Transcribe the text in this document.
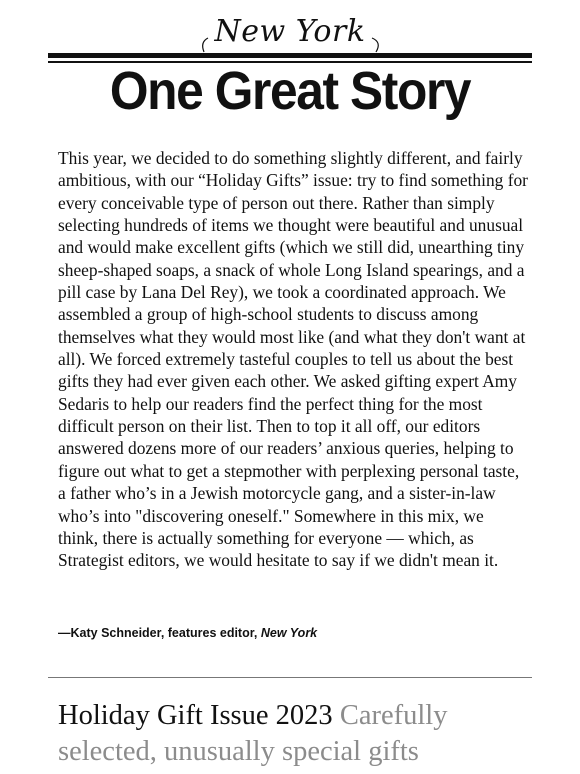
New York
One Great Story

This year, we decided to do something slightly different, and fairly ambitious, with our “Holiday Gifts” issue: try to find something for every conceivable type of person out there. Rather than simply selecting hundreds of items we thought were beautiful and unusual and would make excellent gifts (which we still did, unearthing tiny sheep-shaped soaps, a snack of whole Long Island spearings, and a pill case by Lana Del Rey), we took a coordinated approach. We assembled a group of high-school students to discuss among themselves what they would most like (and what they don't want at all). We forced extremely tasteful couples to tell us about the best gifts they had ever given each other. We asked gifting expert Amy Sedaris to help our readers find the perfect thing for the most difficult person on their list. Then to top it all off, our editors answered dozens more of our readers’ anxious queries, helping to figure out what to get a stepmother with perplexing personal taste, a father who’s in a Jewish motorcycle gang, and a sister-in-law who’s into "discovering oneself." Somewhere in this mix, we think, there is actually something for everyone — which, as Strategist editors, we would hesitate to say if we didn't mean it.

—Katy Schneider, features editor, New York

Holiday Gift Issue 2023 Carefully selected, unusually special gifts
